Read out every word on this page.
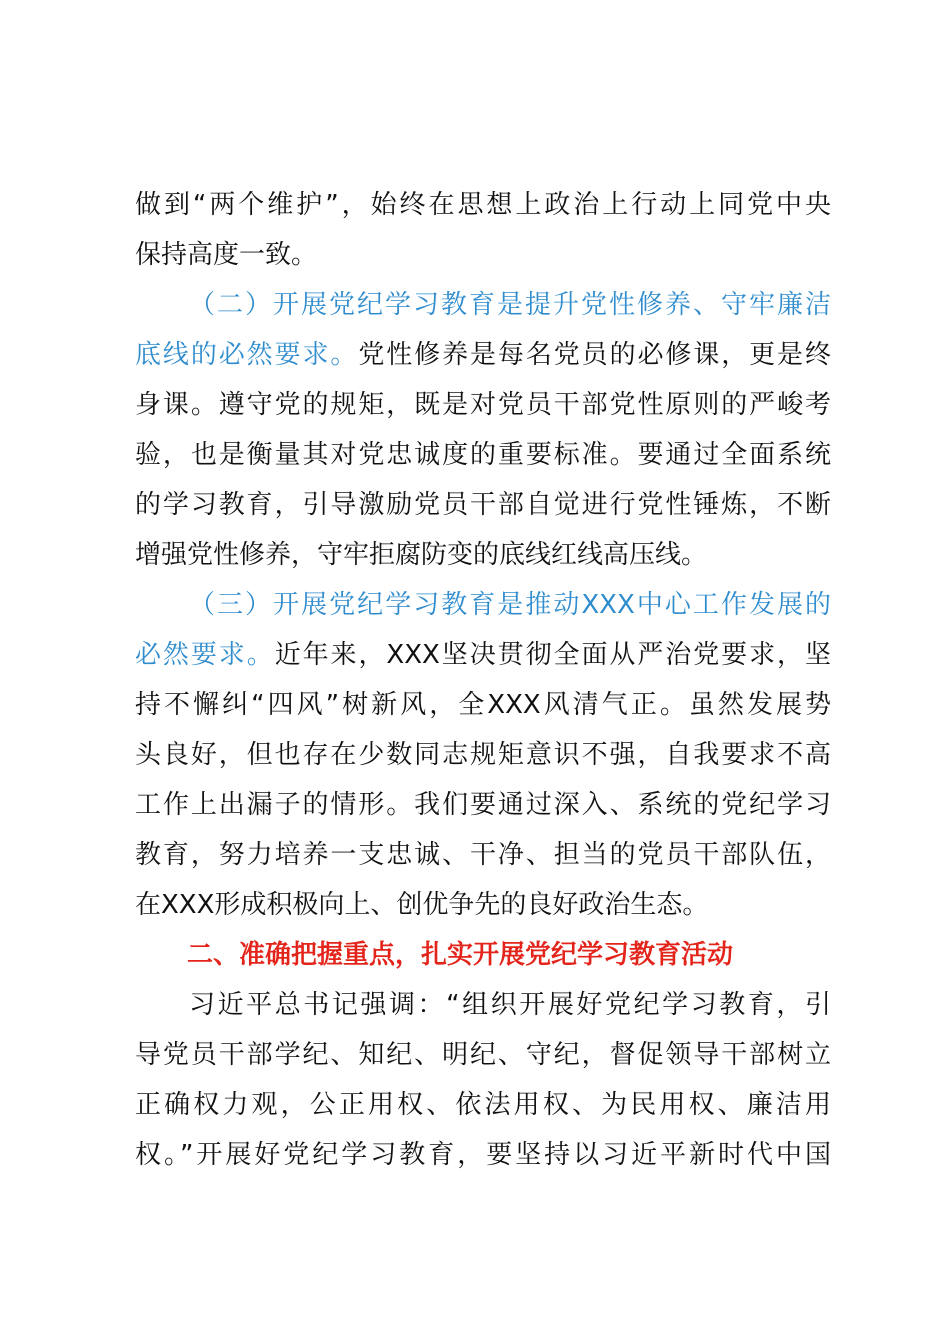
做到“两个维护”，始终在思想上政治上行动上同党中央
保持高度一致。
（二）开展党纪学习教育是提升党性修养、守牢廉洁
底线的必然要求。党性修养是每名党员的必修课，更是终
身课。遵守党的规矩，既是对党员干部党性原则的严峻考
验，也是衡量其对党忠诚度的重要标准。要通过全面系统
的学习教育，引导激励党员干部自觉进行党性锤炼，不断
增强党性修养，守牢拒腐防变的底线红线高压线。
（三）开展党纪学习教育是推动XXX中心工作发展的
必然要求。近年来，XXX坚决贯彻全面从严治党要求，坚
持不懈纠“四风”树新风，全XXX风清气正。虽然发展势
头良好，但也存在少数同志规矩意识不强，自我要求不高
工作上出漏子的情形。我们要通过深入、系统的党纪学习
教育，努力培养一支忠诚、干净、担当的党员干部队伍，
在XXX形成积极向上、创优争先的良好政治生态。
二、准确把握重点，扎实开展党纪学习教育活动
习近平总书记强调：“组织开展好党纪学习教育，引
导党员干部学纪、知纪、明纪、守纪，督促领导干部树立
正确权力观，公正用权、依法用权、为民用权、廉洁用
权。”开展好党纪学习教育，要坚持以习近平新时代中国
